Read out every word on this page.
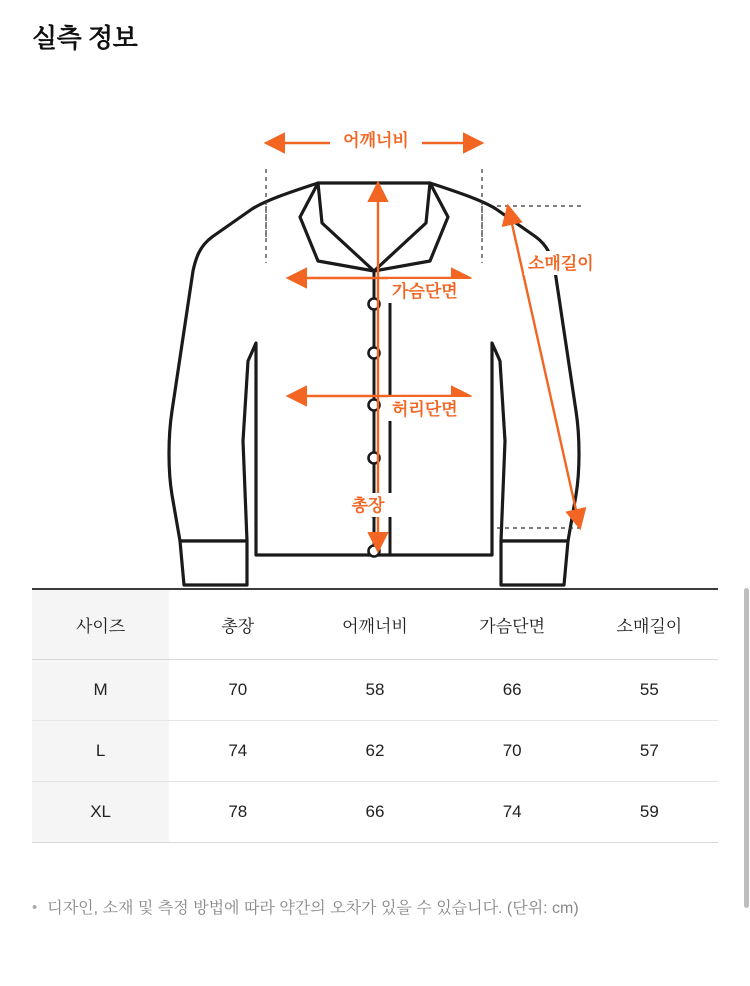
실측 정보
어깨너비
가슴단면
허리단면
총장
소매길이
사이즈	총장	어깨너비	가슴단면	소매길이
M	70	58	66	55
L	74	62	70	57
XL	78	66	74	59
• 디자인, 소재 및 측정 방법에 따라 약간의 오차가 있을 수 있습니다. (단위: cm)
